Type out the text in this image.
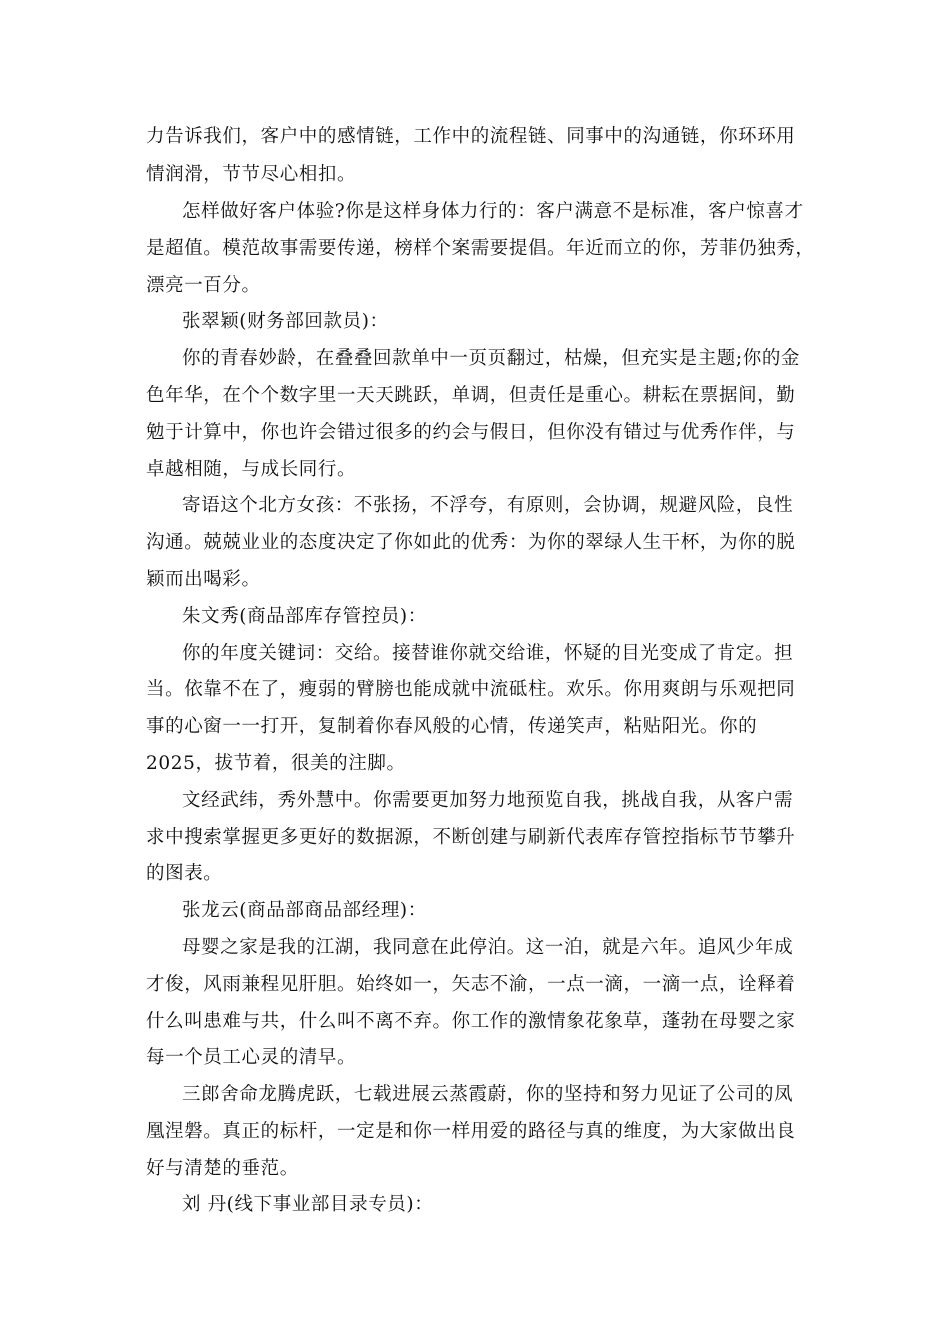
力告诉我们，客户中的感情链，工作中的流程链、同事中的沟通链，你环环用
情润滑，节节尽心相扣。
怎样做好客户体验?你是这样身体力行的：客户满意不是标准，客户惊喜才
是超值。模范故事需要传递，榜样个案需要提倡。年近而立的你，芳菲仍独秀，
漂亮一百分。
张翠颖(财务部回款员)：
你的青春妙龄，在叠叠回款单中一页页翻过，枯燥，但充实是主题;你的金
色年华，在个个数字里一天天跳跃，单调，但责任是重心。耕耘在票据间，勤
勉于计算中，你也许会错过很多的约会与假日，但你没有错过与优秀作伴，与
卓越相随，与成长同行。
寄语这个北方女孩：不张扬，不浮夸，有原则，会协调，规避风险，良性
沟通。兢兢业业的态度决定了你如此的优秀：为你的翠绿人生干杯，为你的脱
颖而出喝彩。
朱文秀(商品部库存管控员)：
你的年度关键词：交给。接替谁你就交给谁，怀疑的目光变成了肯定。担
当。依靠不在了，瘦弱的臂膀也能成就中流砥柱。欢乐。你用爽朗与乐观把同
事的心窗一一打开，复制着你春风般的心情，传递笑声，粘贴阳光。你的
2025，拔节着，很美的注脚。
文经武纬，秀外慧中。你需要更加努力地预览自我，挑战自我，从客户需
求中搜索掌握更多更好的数据源，不断创建与刷新代表库存管控指标节节攀升
的图表。
张龙云(商品部商品部经理)：
母婴之家是我的江湖，我同意在此停泊。这一泊，就是六年。追风少年成
才俊，风雨兼程见肝胆。始终如一，矢志不渝，一点一滴，一滴一点，诠释着
什么叫患难与共，什么叫不离不弃。你工作的激情象花象草，蓬勃在母婴之家
每一个员工心灵的清早。
三郎舍命龙腾虎跃，七载进展云蒸霞蔚，你的坚持和努力见证了公司的凤
凰涅磐。真正的标杆，一定是和你一样用爱的路径与真的维度，为大家做出良
好与清楚的垂范。
刘 丹(线下事业部目录专员)：
